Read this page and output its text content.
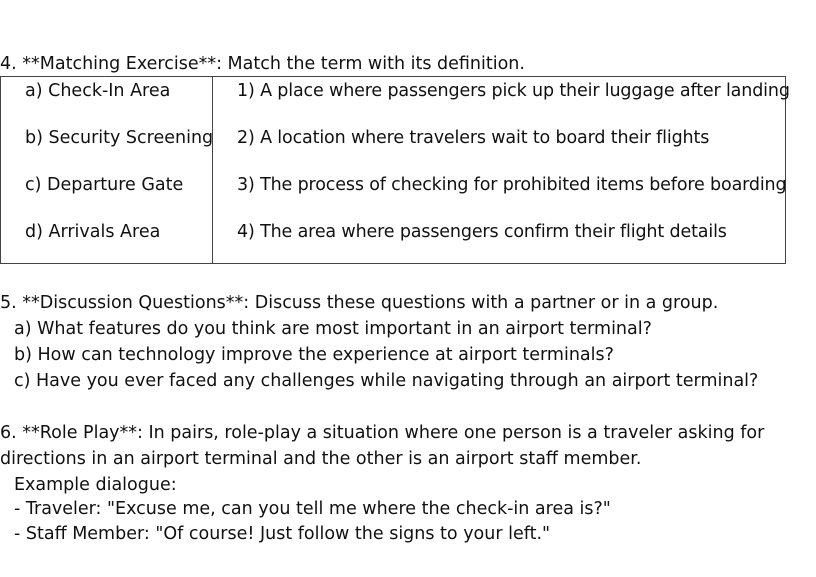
4. **Matching Exercise**: Match the term with its definition.
a) Check-In Area
b) Security Screening
c) Departure Gate
d) Arrivals Area
1) A place where passengers pick up their luggage after landing
2) A location where travelers wait to board their flights
3) The process of checking for prohibited items before boarding
4) The area where passengers confirm their flight details
5. **Discussion Questions**: Discuss these questions with a partner or in a group.
a) What features do you think are most important in an airport terminal?
b) How can technology improve the experience at airport terminals?
c) Have you ever faced any challenges while navigating through an airport terminal?
6. **Role Play**: In pairs, role-play a situation where one person is a traveler asking for
directions in an airport terminal and the other is an airport staff member.
Example dialogue:
- Traveler: "Excuse me, can you tell me where the check-in area is?"
- Staff Member: "Of course! Just follow the signs to your left."
